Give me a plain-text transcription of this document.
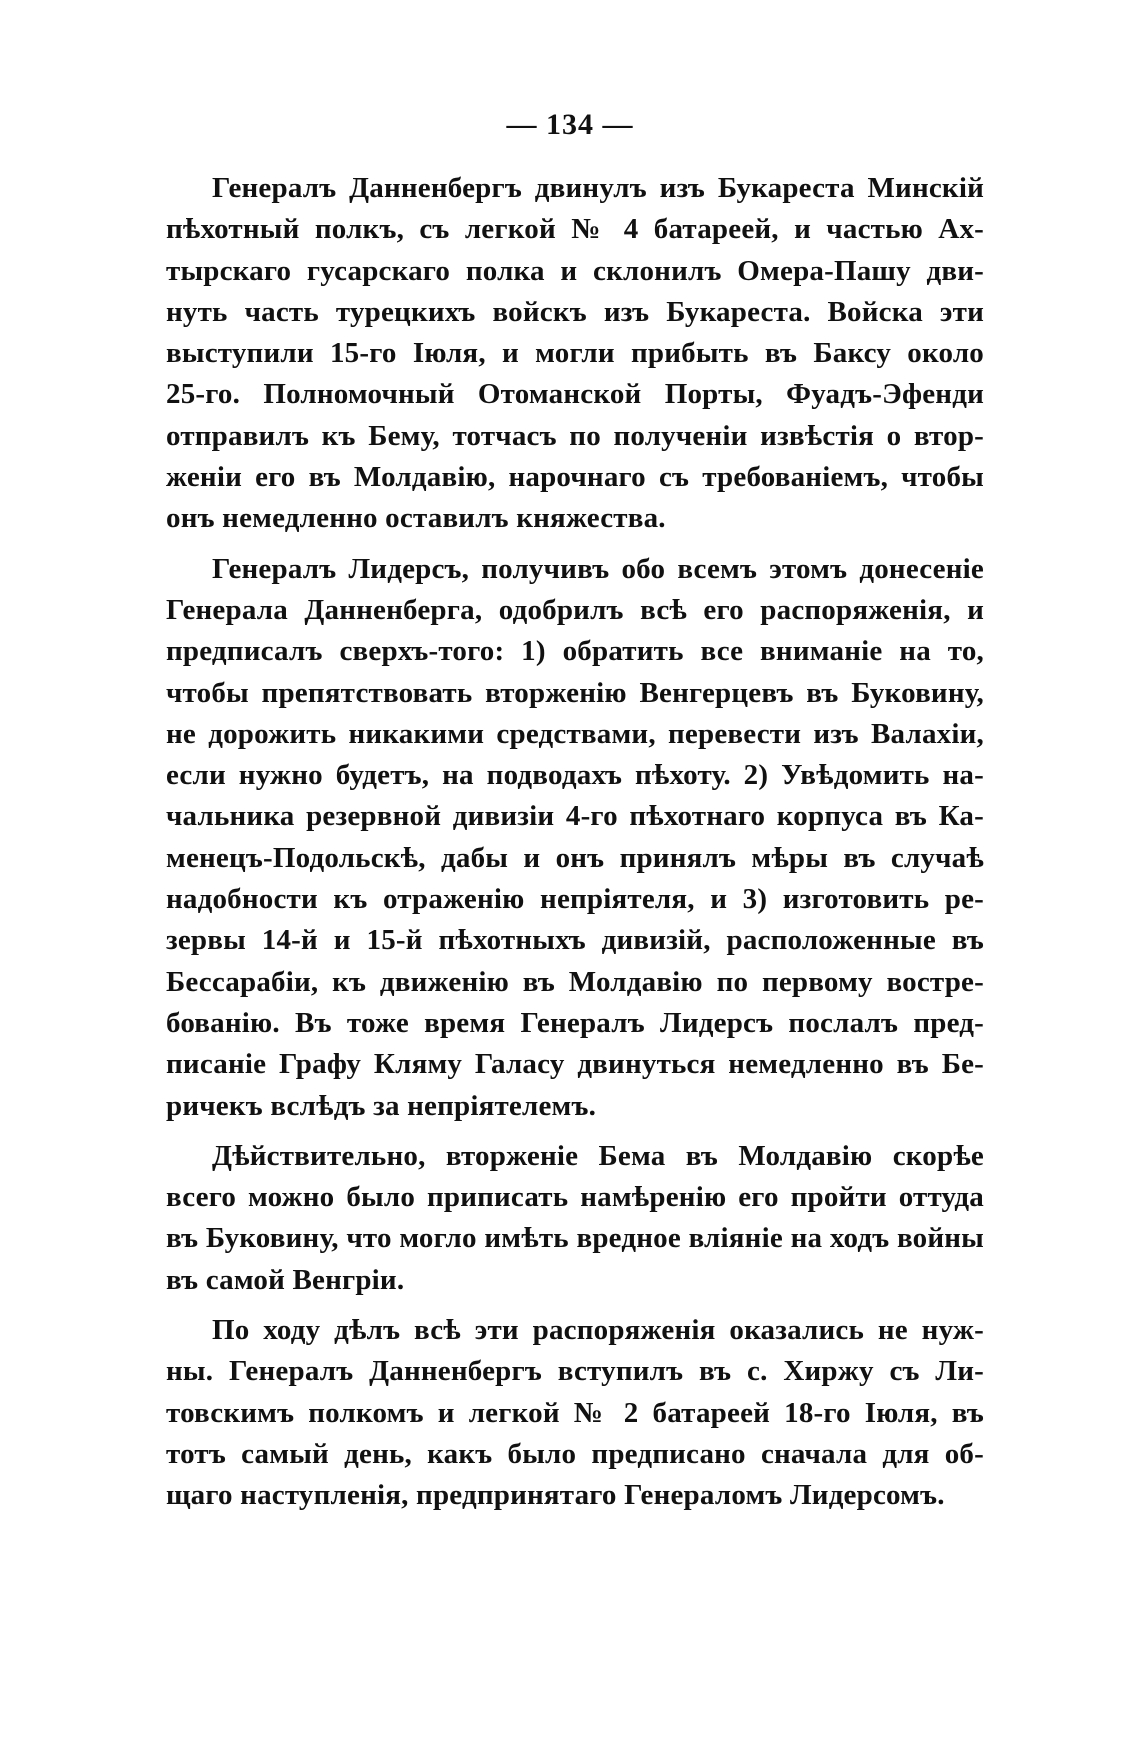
— 134 —
Генералъ Данненбергъ двинулъ изъ Букареста Минскій
пѣхотный полкъ, съ легкой № 4 батареей, и частью Ах-
тырскаго гусарскаго полка и склонилъ Омера-Пашу дви-
нуть часть турецкихъ войскъ изъ Букареста. Войска эти
выступили 15-го Іюля, и могли прибыть въ Баксу около
25-го. Полномочный Отоманской Порты, Фуадъ-Эфенди
отправилъ къ Бему, тотчасъ по полученіи извѣстія о втор-
женіи его въ Молдавію, нарочнаго съ требованіемъ, чтобы
онъ немедленно оставилъ княжества.
Генералъ Лидерсъ, получивъ обо всемъ этомъ донесеніе
Генерала Данненберга, одобрилъ всѣ его распоряженія, и
предписалъ сверхъ-того: 1) обратить все вниманіе на то,
чтобы препятствовать вторженію Венгерцевъ въ Буковину,
не дорожить никакими средствами, перевести изъ Валахіи,
если нужно будетъ, на подводахъ пѣхоту. 2) Увѣдомить на-
чальника резервной дивизіи 4-го пѣхотнаго корпуса въ Ка-
менецъ-Подольскѣ, дабы и онъ принялъ мѣры въ случаѣ
надобности къ отраженію непріятеля, и 3) изготовить ре-
зервы 14-й и 15-й пѣхотныхъ дивизій, расположенные въ
Бессарабіи, къ движенію въ Молдавію по первому востре-
бованію. Въ тоже время Генералъ Лидерсъ послалъ пред-
писаніе Графу Кляму Галасу двинуться немедленно въ Бе-
ричекъ вслѣдъ за непріятелемъ.
Дѣйствительно, вторженіе Бема въ Молдавію скорѣе
всего можно было приписать намѣренію его пройти оттуда
въ Буковину, что могло имѣть вредное вліяніе на ходъ войны
въ самой Венгріи.
По ходу дѣлъ всѣ эти распоряженія оказались не нуж-
ны. Генералъ Данненбергъ вступилъ въ с. Хиржу съ Ли-
товскимъ полкомъ и легкой № 2 батареей 18-го Іюля, въ
тотъ самый день, какъ было предписано сначала для об-
щаго наступленія, предпринятаго Генераломъ Лидерсомъ.
